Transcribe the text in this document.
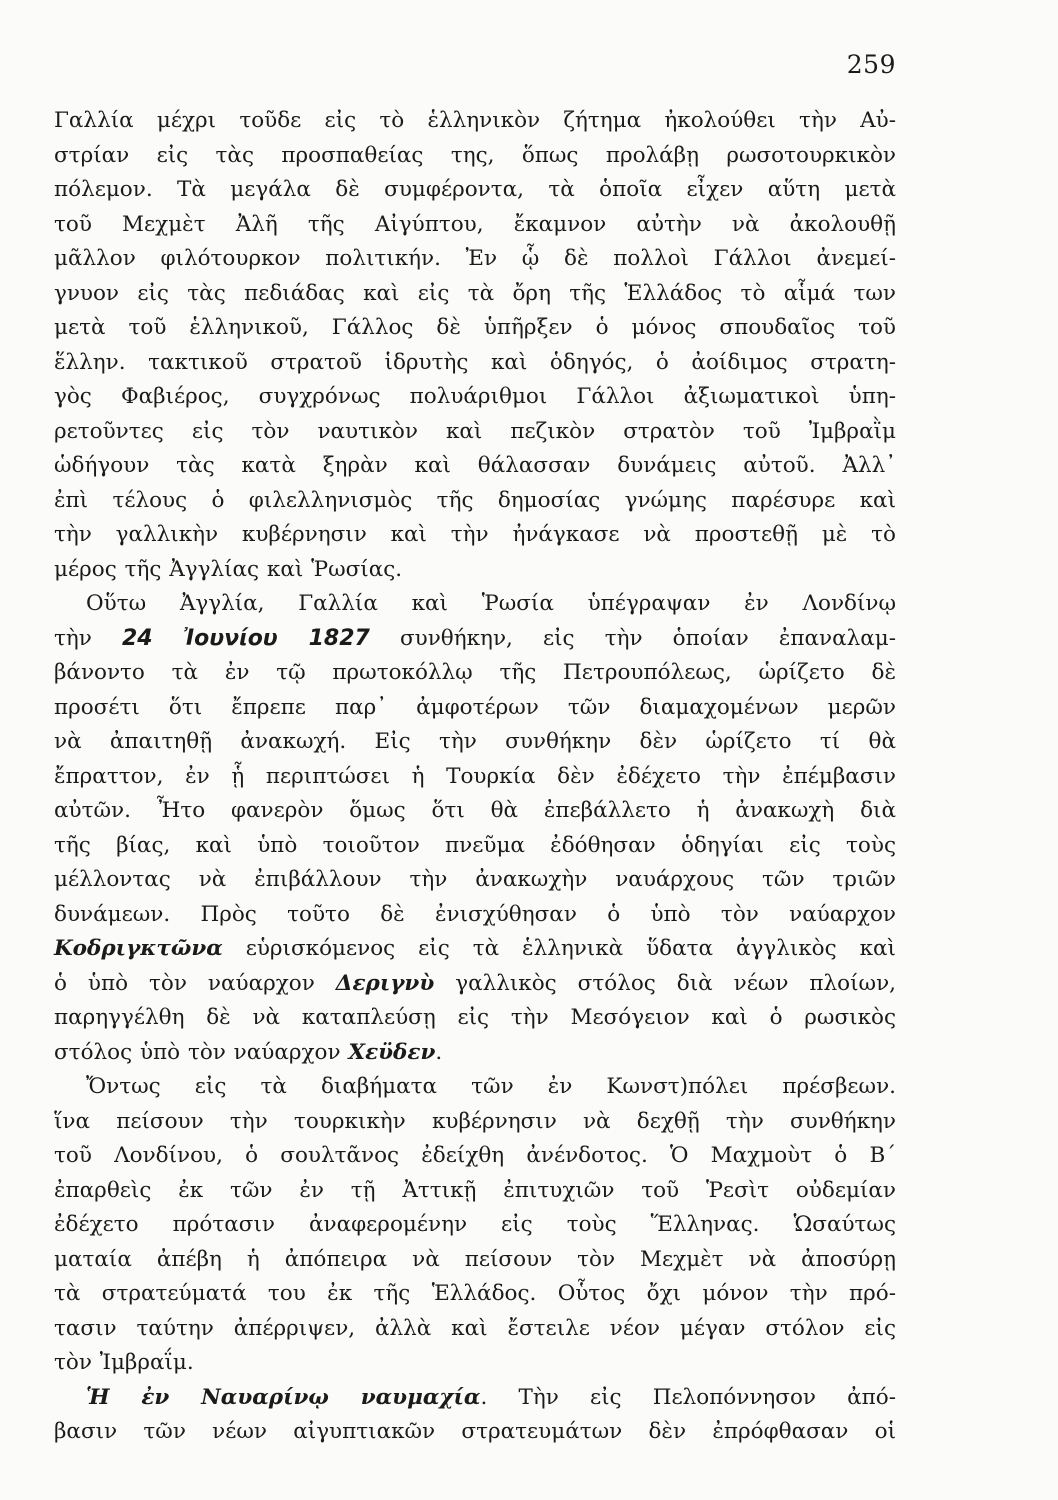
259
Γαλλία μέχρι τοῦδε εἰς τὸ ἑλληνικὸν ζήτημα ἠκολούθει τὴν Αὐ-
στρίαν εἰς τὰς προσπαθείας της, ὅπως προλάβῃ ρωσοτουρκικὸν
πόλεμον. Τὰ μεγάλα δὲ συμφέροντα, τὰ ὁποῖα εἶχεν αὕτη μετὰ
τοῦ Μεχμὲτ Ἀλῆ τῆς Αἰγύπτου, ἔκαμνον αὐτὴν νὰ ἀκολουθῇ
μᾶλλον φιλότουρκον πολιτικήν. Ἐν ᾧ δὲ πολλοὶ Γάλλοι ἀνεμεί-
γνυον εἰς τὰς πεδιάδας καὶ εἰς τὰ ὄρη τῆς Ἑλλάδος τὸ αἷμά των
μετὰ τοῦ ἑλληνικοῦ, Γάλλος δὲ ὑπῆρξεν ὁ μόνος σπουδαῖος τοῦ
ἕλλην. τακτικοῦ στρατοῦ ἱδρυτὴς καὶ ὁδηγός, ὁ ἀοίδιμος στρατη-
γὸς Φαβιέρος, συγχρόνως πολυάριθμοι Γάλλοι ἀξιωματικοὶ ὑπη-
ρετοῦντες εἰς τὸν ναυτικὸν καὶ πεζικὸν στρατὸν τοῦ Ἰμβραῒμ
ὡδήγουν τὰς κατὰ ξηρὰν καὶ θάλασσαν δυνάμεις αὐτοῦ. Ἀλλ᾽
ἐπὶ τέλους ὁ φιλελληνισμὸς τῆς δημοσίας γνώμης παρέσυρε καὶ
τὴν γαλλικὴν κυβέρνησιν καὶ τὴν ἠνάγκασε νὰ προστεθῇ μὲ τὸ
μέρος τῆς Ἀγγλίας καὶ Ῥωσίας.
Οὕτω Ἀγγλία, Γαλλία καὶ Ῥωσία ὑπέγραψαν ἐν Λονδίνῳ
τὴν 24 Ἰουνίου 1827 συνθήκην, εἰς τὴν ὁποίαν ἐπαναλαμ-
βάνοντο τὰ ἐν τῷ πρωτοκόλλῳ τῆς Πετρουπόλεως, ὡρίζετο δὲ
προσέτι ὅτι ἔπρεπε παρ᾽ ἀμφοτέρων τῶν διαμαχομένων μερῶν
νὰ ἀπαιτηθῇ ἀνακωχή. Εἰς τὴν συνθήκην δὲν ὡρίζετο τί θὰ
ἔπραττον, ἐν ᾗ περιπτώσει ἡ Τουρκία δὲν ἐδέχετο τὴν ἐπέμβασιν
αὐτῶν. Ἦτο φανερὸν ὅμως ὅτι θὰ ἐπεβάλλετο ἡ ἀνακωχὴ διὰ
τῆς βίας, καὶ ὑπὸ τοιοῦτον πνεῦμα ἐδόθησαν ὁδηγίαι εἰς τοὺς
μέλλοντας νὰ ἐπιβάλλουν τὴν ἀνακωχὴν ναυάρχους τῶν τριῶν
δυνάμεων. Πρὸς τοῦτο δὲ ἐνισχύθησαν ὁ ὑπὸ τὸν ναύαρχον
Κοδριγκτῶνα εὑρισκόμενος εἰς τὰ ἑλληνικὰ ὕδατα ἀγγλικὸς καὶ
ὁ ὑπὸ τὸν ναύαρχον Δεριγνὺ γαλλικὸς στόλος διὰ νέων πλοίων,
παρηγγέλθη δὲ νὰ καταπλεύσῃ εἰς τὴν Μεσόγειον καὶ ὁ ρωσικὸς
στόλος ὑπὸ τὸν ναύαρχον Χεϋδεν.
Ὄντως εἰς τὰ διαβήματα τῶν ἐν Κωνστ)πόλει πρέσβεων.
ἵνα πείσουν τὴν τουρκικὴν κυβέρνησιν νὰ δεχθῇ τὴν συνθήκην
τοῦ Λονδίνου, ὁ σουλτᾶνος ἐδείχθη ἀνένδοτος. Ὁ Μαχμοὺτ ὁ Β΄
ἐπαρθεὶς ἐκ τῶν ἐν τῇ Ἀττικῇ ἐπιτυχιῶν τοῦ Ῥεσὶτ οὐδεμίαν
ἐδέχετο πρότασιν ἀναφερομένην εἰς τοὺς Ἕλληνας. Ὡσαύτως
ματαία ἀπέβη ἡ ἀπόπειρα νὰ πείσουν τὸν Μεχμὲτ νὰ ἀποσύρῃ
τὰ στρατεύματά του ἐκ τῆς Ἑλλάδος. Οὗτος ὄχι μόνον τὴν πρό-
τασιν ταύτην ἀπέρριψεν, ἀλλὰ καὶ ἔστειλε νέον μέγαν στόλον εἰς
τὸν Ἰμβραΐμ.
Ἡ ἐν Ναυαρίνῳ ναυμαχία. Τὴν εἰς Πελοπόννησον ἀπό-
βασιν τῶν νέων αἰγυπτιακῶν στρατευμάτων δὲν ἐπρόφθασαν οἱ
